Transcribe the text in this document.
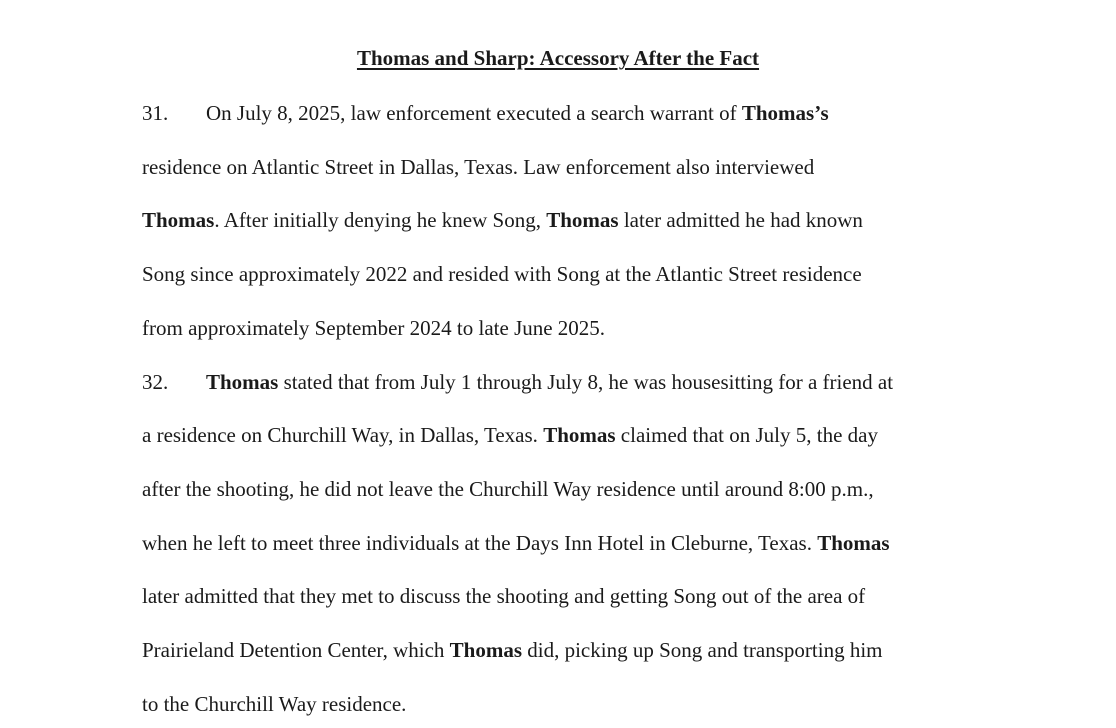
Thomas and Sharp: Accessory After the Fact
31. On July 8, 2025, law enforcement executed a search warrant of Thomas’s
residence on Atlantic Street in Dallas, Texas. Law enforcement also interviewed
Thomas. After initially denying he knew Song, Thomas later admitted he had known
Song since approximately 2022 and resided with Song at the Atlantic Street residence
from approximately September 2024 to late June 2025.
32. Thomas stated that from July 1 through July 8, he was housesitting for a friend at
a residence on Churchill Way, in Dallas, Texas. Thomas claimed that on July 5, the day
after the shooting, he did not leave the Churchill Way residence until around 8:00 p.m.,
when he left to meet three individuals at the Days Inn Hotel in Cleburne, Texas. Thomas
later admitted that they met to discuss the shooting and getting Song out of the area of
Prairieland Detention Center, which Thomas did, picking up Song and transporting him
to the Churchill Way residence.
